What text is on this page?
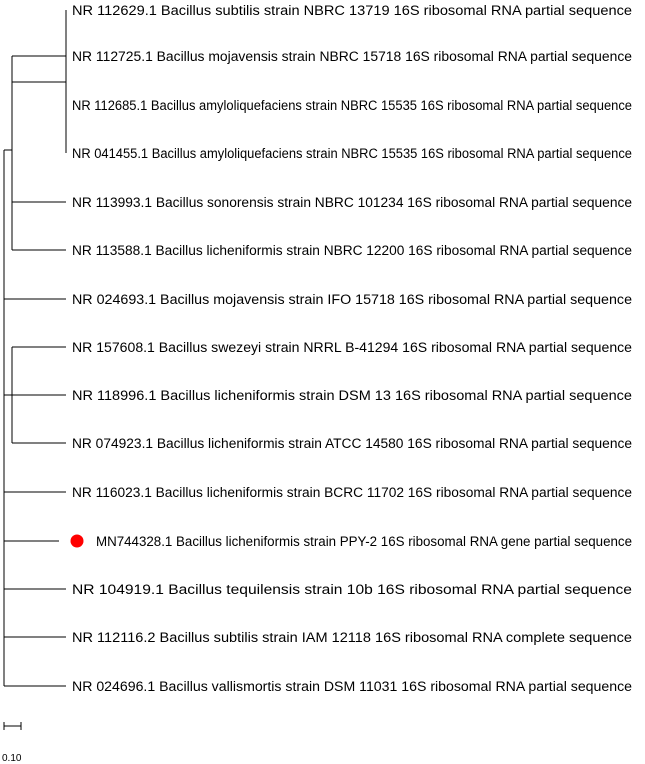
NR 112629.1 Bacillus subtilis strain NBRC 13719 16S ribosomal RNA partial sequence
NR 112725.1 Bacillus mojavensis strain NBRC 15718 16S ribosomal RNA partial sequence
NR 112685.1 Bacillus amyloliquefaciens strain NBRC 15535 16S ribosomal RNA partial sequence
NR 041455.1 Bacillus amyloliquefaciens strain NBRC 15535 16S ribosomal RNA partial sequence
NR 113993.1 Bacillus sonorensis strain NBRC 101234 16S ribosomal RNA partial sequence
NR 113588.1 Bacillus licheniformis strain NBRC 12200 16S ribosomal RNA partial sequence
NR 024693.1 Bacillus mojavensis strain IFO 15718 16S ribosomal RNA partial sequence
NR 157608.1 Bacillus swezeyi strain NRRL B-41294 16S ribosomal RNA partial sequence
NR 118996.1 Bacillus licheniformis strain DSM 13 16S ribosomal RNA partial sequence
NR 074923.1 Bacillus licheniformis strain ATCC 14580 16S ribosomal RNA partial sequence
NR 116023.1 Bacillus licheniformis strain BCRC 11702 16S ribosomal RNA partial sequence
MN744328.1 Bacillus licheniformis strain PPY-2 16S ribosomal RNA gene partial sequence
NR 104919.1 Bacillus tequilensis strain 10b 16S ribosomal RNA partial sequence
NR 112116.2 Bacillus subtilis strain IAM 12118 16S ribosomal RNA complete sequence
NR 024696.1 Bacillus vallismortis strain DSM 11031 16S ribosomal RNA partial sequence
0.10
